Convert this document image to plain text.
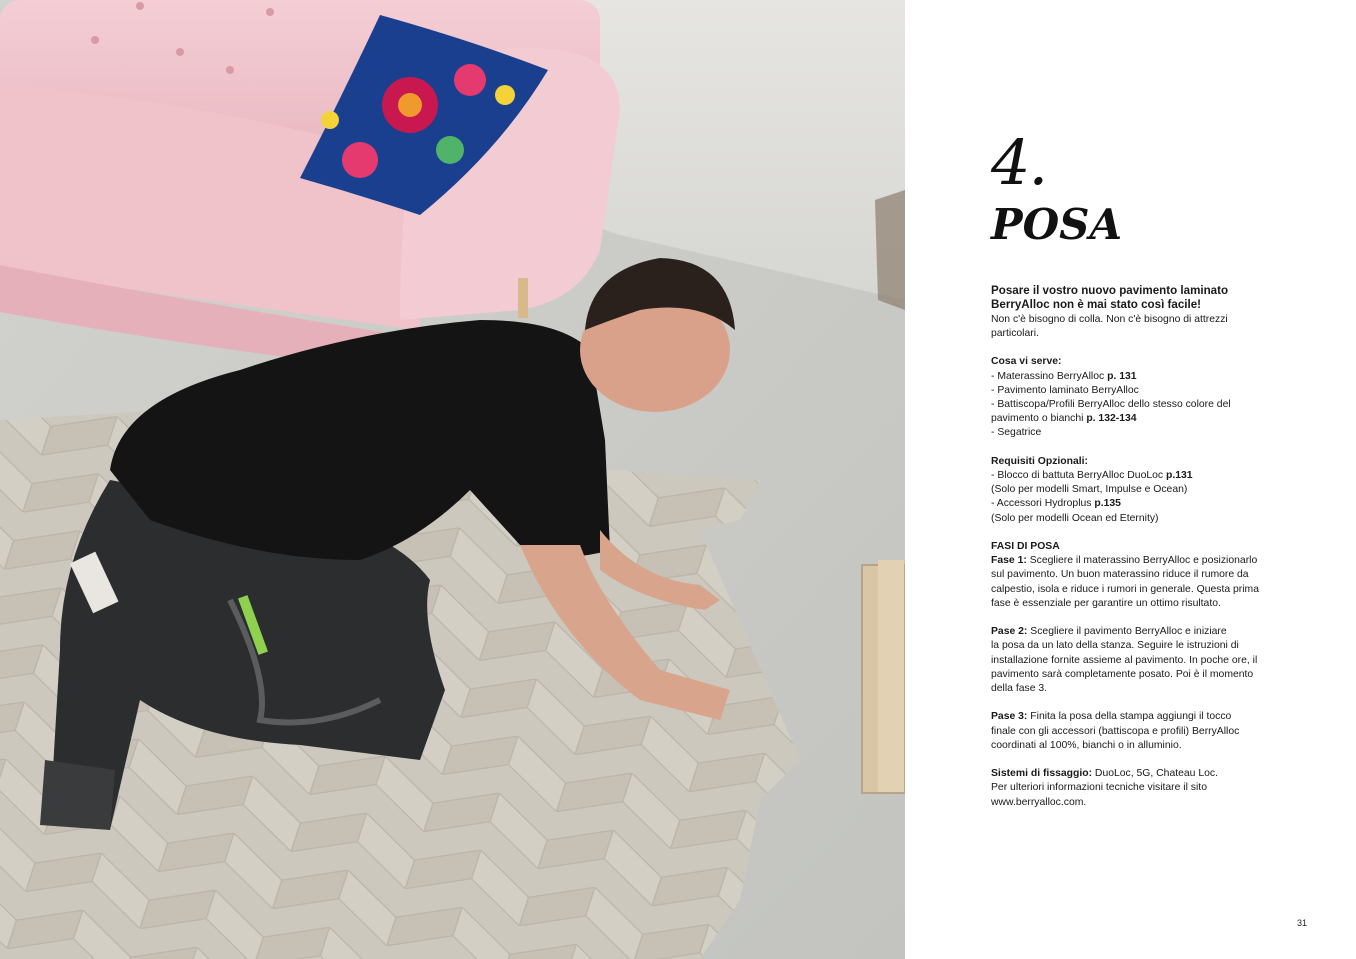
4.
POSA

Posare il vostro nuovo pavimento laminato
BerryAlloc non è mai stato così facile!
Non c'è bisogno di colla. Non c'è bisogno di attrezzi
particolari.

Cosa vi serve:
- Materassino BerryAlloc p. 131
- Pavimento laminato BerryAlloc
- Battiscopa/Profili BerryAlloc dello stesso colore del
pavimento o bianchi p. 132-134
- Segatrice

Requisiti Opzionali:
- Blocco di battuta BerryAlloc DuoLoc p.131
(Solo per modelli Smart, Impulse e Ocean)
- Accessori Hydroplus p.135
(Solo per modelli Ocean ed Eternity)

FASI DI POSA
Fase 1: Scegliere il materassino BerryAlloc e posizionarlo
sul pavimento. Un buon materassino riduce il rumore da
calpestio, isola e riduce i rumori in generale. Questa prima
fase è essenziale per garantire un ottimo risultato.

Pase 2: Scegliere il pavimento BerryAlloc e iniziare
la posa da un lato della stanza. Seguire le istruzioni di
installazione fornite assieme al pavimento. In poche ore, il
pavimento sarà completamente posato. Poi è il momento
della fase 3.

Pase 3: Finita la posa della stampa aggiungi il tocco
finale con gli accessori (battiscopa e profili) BerryAlloc
coordinati al 100%, bianchi o in alluminio.

Sistemi di fissaggio: DuoLoc, 5G, Chateau Loc.
Per ulteriori informazioni tecniche visitare il sito
www.berryalloc.com.

31
